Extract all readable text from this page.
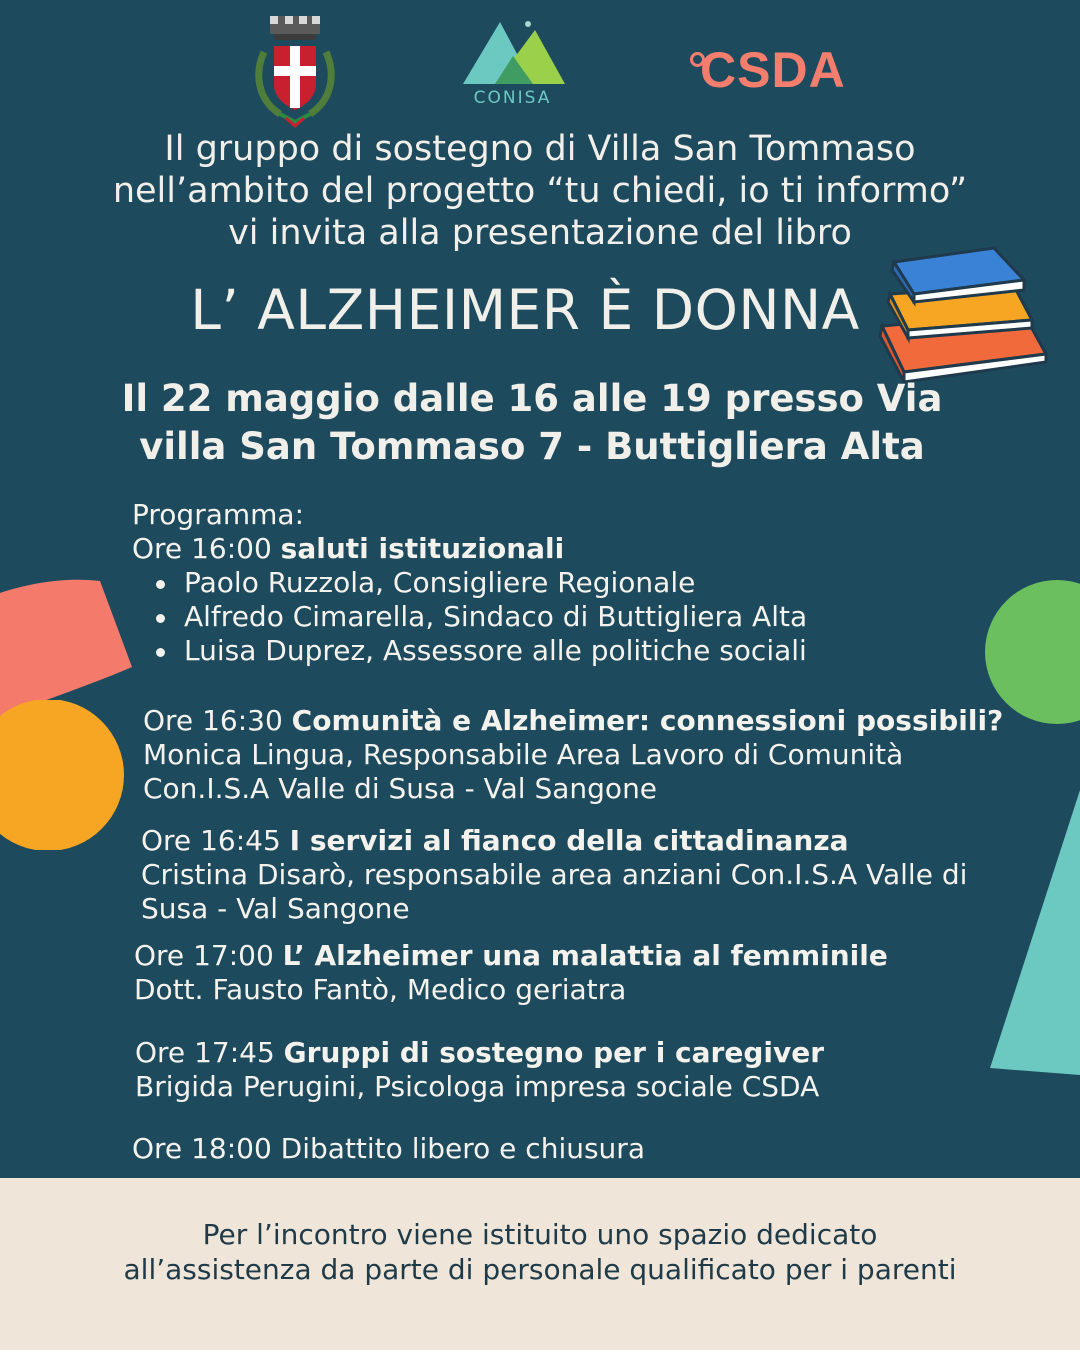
CONISA	CSDA
Il gruppo di sostegno di Villa San Tommaso
nell’ambito del progetto “tu chiedi, io ti informo”
vi invita alla presentazione del libro
L’ ALZHEIMER È DONNA
Il 22 maggio dalle 16 alle 19 presso Via
villa San Tommaso 7 - Buttigliera Alta
Programma:
Ore 16:00 saluti istituzionali
Paolo Ruzzola, Consigliere Regionale
Alfredo Cimarella, Sindaco di Buttigliera Alta
Luisa Duprez, Assessore alle politiche sociali
Ore 16:30 Comunità e Alzheimer: connessioni possibili?
Monica Lingua, Responsabile Area Lavoro di Comunità
Con.I.S.A Valle di Susa - Val Sangone
Ore 16:45 I servizi al fianco della cittadinanza
Cristina Disarò, responsabile area anziani Con.I.S.A Valle di
Susa - Val Sangone
Ore 17:00 L’ Alzheimer una malattia al femminile
Dott. Fausto Fantò, Medico geriatra
Ore 17:45 Gruppi di sostegno per i caregiver
Brigida Perugini, Psicologa impresa sociale CSDA
Ore 18:00 Dibattito libero e chiusura
Per l’incontro viene istituito uno spazio dedicato
all’assistenza da parte di personale qualificato per i parenti
